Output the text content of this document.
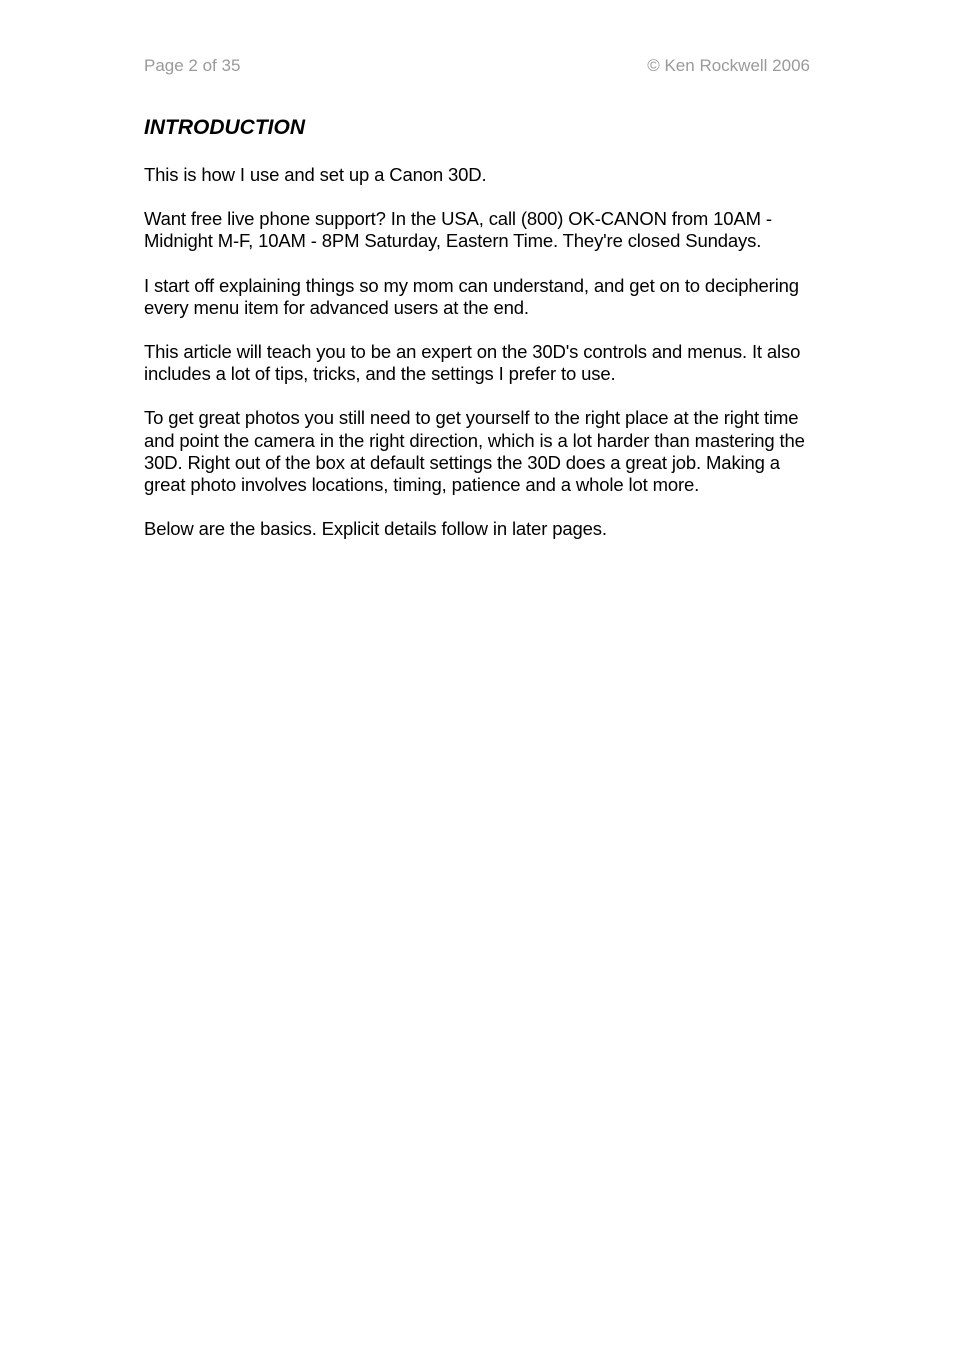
Page 2 of 35	© Ken Rockwell 2006
INTRODUCTION

This is how I use and set up a Canon 30D.

Want free live phone support? In the USA, call (800) OK-CANON from 10AM - Midnight M-F, 10AM - 8PM Saturday, Eastern Time. They're closed Sundays.

I start off explaining things so my mom can understand, and get on to deciphering every menu item for advanced users at the end.

This article will teach you to be an expert on the 30D's controls and menus. It also includes a lot of tips, tricks, and the settings I prefer to use.

To get great photos you still need to get yourself to the right place at the right time and point the camera in the right direction, which is a lot harder than mastering the 30D. Right out of the box at default settings the 30D does a great job. Making a great photo involves locations, timing, patience and a whole lot more.

Below are the basics. Explicit details follow in later pages.
